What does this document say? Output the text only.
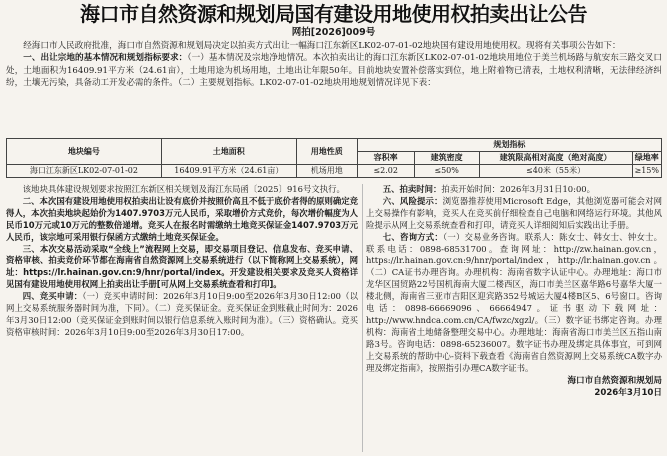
海口市自然资源和规划局国有建设用地使用权拍卖出让公告
网拍[2026]009号

经海口市人民政府批准，海口市自然资源和规划局决定以拍卖方式出让一幅海口江东新区LK02-07-01-02地块国有建设用地使用权。现将有关事项公告如下：

一、出让宗地的基本情况和规划指标要求：（一）基本情况及宗地净地情况。本次拍卖出让的海口江东新区LK02-07-01-02地块用地位于美兰机场路与航安东三路交叉口处，土地面积为16409.91平方米（24.61亩），土地用途为机场用地，土地出让年限50年。目前地块安置补偿落实到位，地上附着物已清表，土地权利清晰，无法律经济纠纷，土壤无污染，具备动工开发必需的条件。（二）主要规划指标。LK02-07-01-02地块用地规划情况详见下表：

地块编号	土地面积	用地性质	规划指标			
			容积率	建筑密度	建筑限高相对高度（绝对高度）	绿地率
海口江东新区LK02-07-01-02	16409.91平方米（24.61亩）	机场用地	≤2.02	≤50%	≤40米（55米）	≥15%

该地块具体建设规划要求按照江东新区相关规划及海江东局函〔2025〕916号文执行。

二、本次国有建设用地使用权拍卖出让设有底价并按照价高且不低于底价者得的原则确定竞得人，本次拍卖地块起始价为1407.9703万元人民币，采取增价方式竞价，每次增价幅度为人民币10万元或10万元的整数倍递增。竞买人在报名时需缴纳土地竞买保证金1407.9703万元人民币，该宗地可采用银行保函方式缴纳土地竞买保证金。

三、本次交易活动采取“全线上”流程网上交易，即交易项目登记、信息发布、竞买申请、资格审核、拍卖竞价环节都在海南省自然资源网上交易系统进行（以下简称网上交易系统），网址：https://lr.hainan.gov.cn:9/hnr/portal/index。开发建设相关要求及竞买人资格详见国有建设用地使用权网上拍卖出让手册[可从网上交易系统查看和打印]。

四、竞买申请：（一）竞买申请时间：2026年3月10日9:00至2026年3月30日12:00（以网上交易系统服务器时间为准，下同）。（二）竞买保证金。竞买保证金到账截止时间为：2026年3月30日12:00（竞买保证金到账时间以银行信息系统入账时间为准）。（三）资格确认。竞买资格审核时间：2026年3月10日9:00至2026年3月30日17:00。

五、拍卖时间：拍卖开始时间：2026年3月31日10:00。

六、风险提示：浏览器推荐使用Microsoft Edge，其他浏览器可能会对网上交易操作有影响，竞买人在竞买前仔细检查自己电脑和网络运行环境。其他风险提示从网上交易系统查看和打印，请竞买人详细阅知后实践出让手册。

七、咨询方式：（一）交易业务咨询。联系人：陈女士、韩女士、钟女士。联系电话：0898-68531700。查询网址：http://zw.hainan.gov.cn，https://lr.hainan.gov.cn:9/hnr/portal/index，http://lr.hainan.gov.cn。（二）CA证书办理咨询。办理机构：海南省数字认证中心。办理地址：海口市龙华区国贸路22号国机海南大厦二楼西区，海口市美兰区嘉华路6号嘉华大厦一楼北侧，海南省三亚市吉阳区迎宾路352号城运大厦4楼B区5、6号窗口。咨询电话：0898-66669096、66664947。证书驱动下载网址：http://www.hndca.com.cn/CA/fwzc/xgzl/。（三）数字证书绑定咨询。办理机构：海南省土地储备整理交易中心。办理地址：海南省海口市美兰区五指山南路3号。咨询电话：0898-65236007。数字证书办理及绑定具体事宜，可到网上交易系统的帮助中心-资料下载查看《海南省自然资源网上交易系统CA数字办理及绑定指南》，按照指引办理CA数字证书。

海口市自然资源和规划局

2026年3月10日
